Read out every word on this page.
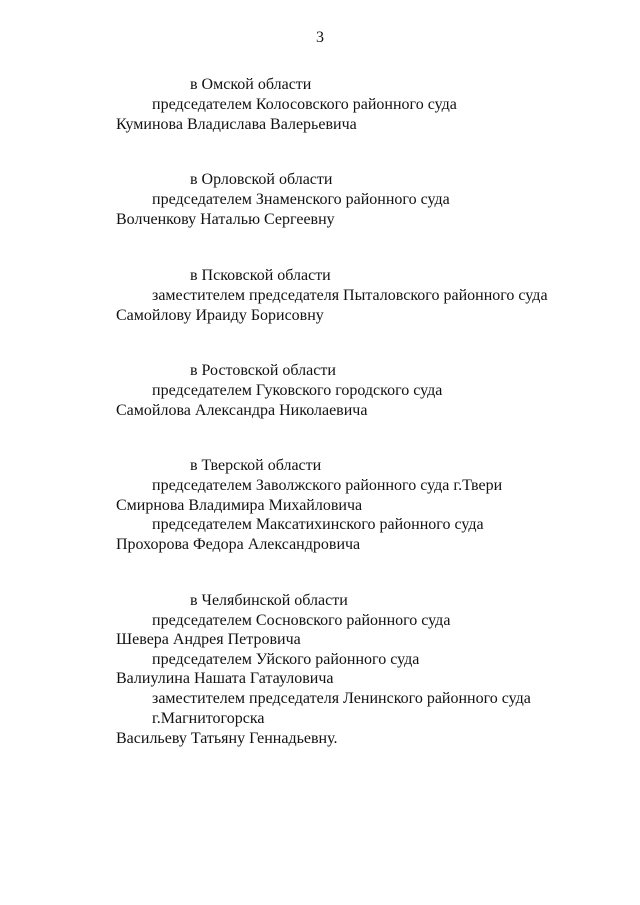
3
в Омской области
председателем Колосовского районного суда
Куминова Владислава Валерьевича
в Орловской области
председателем Знаменского районного суда
Волченкову Наталью Сергеевну
в Псковской области
заместителем председателя Пыталовского районного суда
Самойлову Ираиду Борисовну
в Ростовской области
председателем Гуковского городского суда
Самойлова Александра Николаевича
в Тверской области
председателем Заволжского районного суда г.Твери
Смирнова Владимира Михайловича
председателем Максатихинского районного суда
Прохорова Федора Александровича
в Челябинской области
председателем Сосновского районного суда
Шевера Андрея Петровича
председателем Уйского районного суда
Валиулина Нашата Гатауловича
заместителем председателя Ленинского районного суда
г.Магнитогорска
Васильеву Татьяну Геннадьевну.
